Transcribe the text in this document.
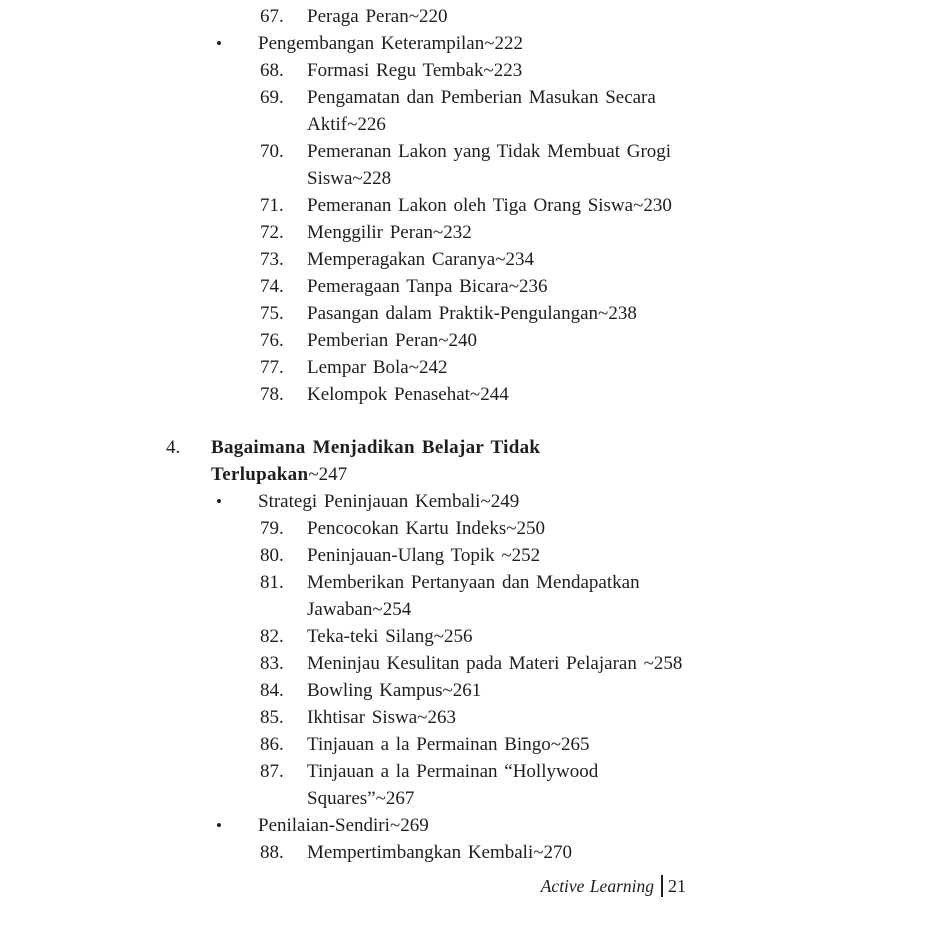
67.	Peraga Peran~220
•	Pengembangan Keterampilan~222
68.	Formasi Regu Tembak~223
69.	Pengamatan dan Pemberian Masukan Secara
Aktif~226
70.	Pemeranan Lakon yang Tidak Membuat Grogi
Siswa~228
71.	Pemeranan Lakon oleh Tiga Orang Siswa~230
72.	Menggilir Peran~232
73.	Memperagakan Caranya~234
74.	Pemeragaan Tanpa Bicara~236
75.	Pasangan dalam Praktik-Pengulangan~238
76.	Pemberian Peran~240
77.	Lempar Bola~242
78.	Kelompok Penasehat~244
4.	Bagaimana Menjadikan Belajar Tidak
Terlupakan~247
•	Strategi Peninjauan Kembali~249
79.	Pencocokan Kartu Indeks~250
80.	Peninjauan-Ulang Topik ~252
81.	Memberikan Pertanyaan dan Mendapatkan
Jawaban~254
82.	Teka-teki Silang~256
83.	Meninjau Kesulitan pada Materi Pelajaran ~258
84.	Bowling Kampus~261
85.	Ikhtisar Siswa~263
86.	Tinjauan a la Permainan Bingo~265
87.	Tinjauan a la Permainan “Hollywood
Squares”~267
•	Penilaian-Sendiri~269
88.	Mempertimbangkan Kembali~270
Active Learning 21
